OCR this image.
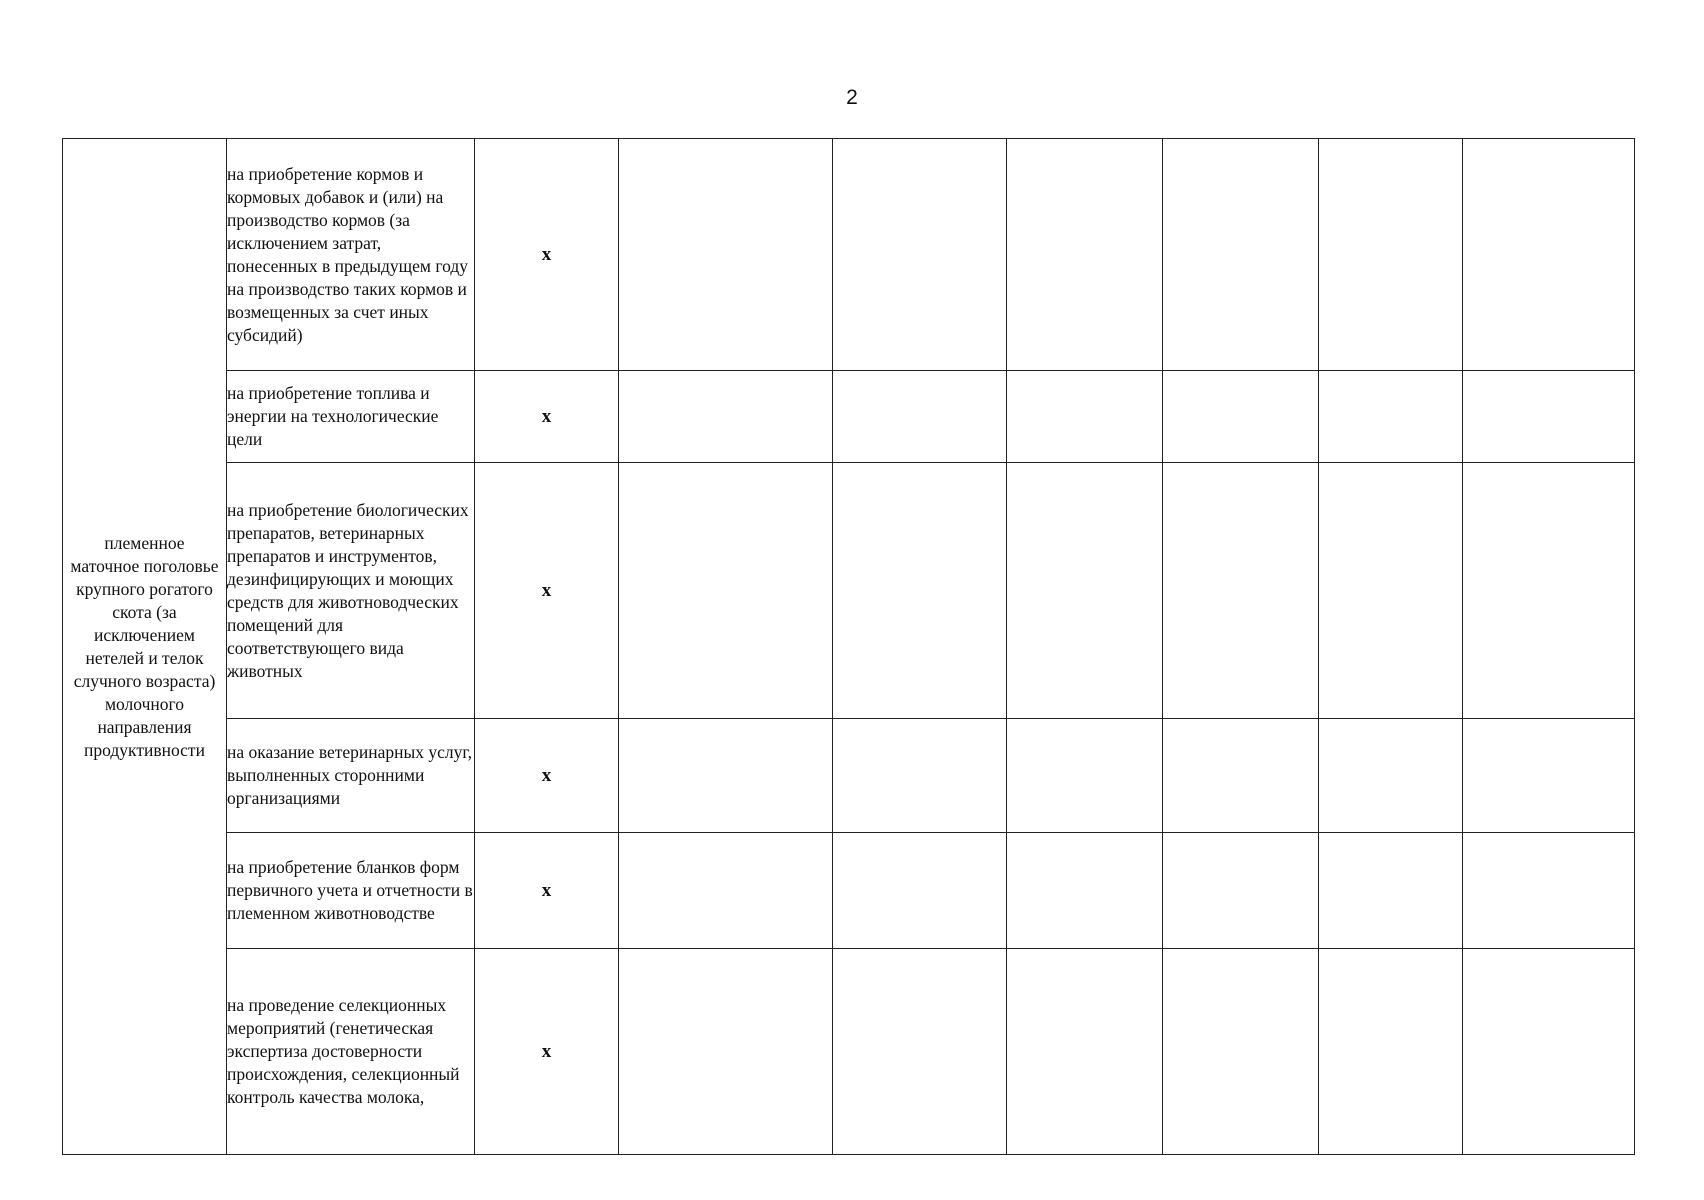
2
племенное маточное поголовье крупного рогатого скота (за исключением нетелей и телок случного возраста) молочного направления продуктивности	на приобретение кормов и кормовых добавок и (или) на производство кормов (за исключением затрат, понесенных в предыдущем году на производство таких кормов и возмещенных за счет иных субсидий)	х						
	на приобретение топлива и энергии на технологические цели	х						
	на приобретение биологических препаратов, ветеринарных препаратов и инструментов, дезинфицирующих и моющих средств для животноводческих помещений для соответствующего вида животных	х						
	на оказание ветеринарных услуг, выполненных сторонними организациями	х						
	на приобретение бланков форм первичного учета и отчетности в племенном животноводстве	х						
	на проведение селекционных мероприятий (генетическая экспертиза достоверности происхождения, селекционный контроль качества молока,	х						
